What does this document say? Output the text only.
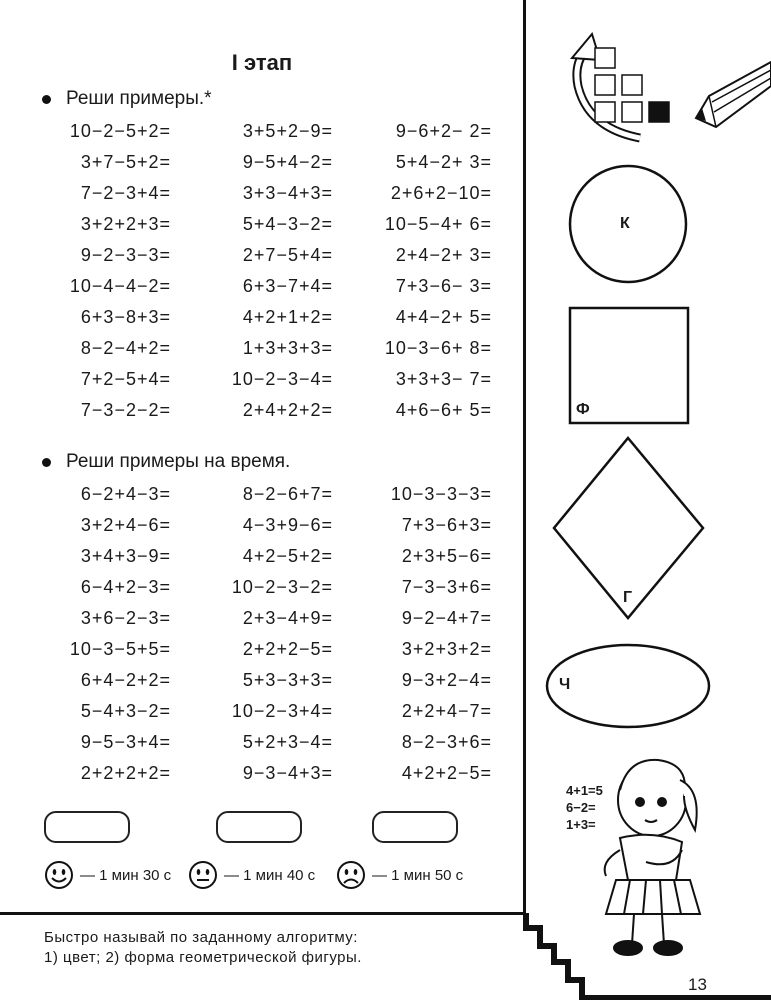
I этап
Реши примеры.*
10−2−5+2=	3+5+2−9=	9−6+2− 2=
3+7−5+2=	9−5+4−2=	5+4−2+ 3=
7−2−3+4=	3+3−4+3=	2+6+2−10=
3+2+2+3=	5+4−3−2=	10−5−4+ 6=
9−2−3−3=	2+7−5+4=	2+4−2+ 3=
10−4−4−2=	6+3−7+4=	7+3−6− 3=
6+3−8+3=	4+2+1+2=	4+4−2+ 5=
8−2−4+2=	1+3+3+3=	10−3−6+ 8=
7+2−5+4=	10−2−3−4=	3+3+3− 7=
7−3−2−2=	2+4+2+2=	4+6−6+ 5=
Реши примеры на время.
6−2+4−3=	8−2−6+7=	10−3−3−3=
3+2+4−6=	4−3+9−6=	7+3−6+3=
3+4+3−9=	4+2−5+2=	2+3+5−6=
6−4+2−3=	10−2−3−2=	7−3−3+6=
3+6−2−3=	2+3−4+9=	9−2−4+7=
10−3−5+5=	2+2+2−5=	3+2+3+2=
6+4−2+2=	5+3−3+3=	9−3+2−4=
5−4+3−2=	10−2−3+4=	2+2+4−7=
9−5−3+4=	5+2+3−4=	8−2−3+6=
2+2+2+2=	9−3−4+3=	4+2+2−5=
— 1 мин 30 с	— 1 мин 40 с	— 1 мин 50 с
Быстро называй по заданному алгоритму:
1) цвет; 2) форма геометрической фигуры.
К
Ф
Г
Ч
4+1=5
6−2=
1+3=
13
